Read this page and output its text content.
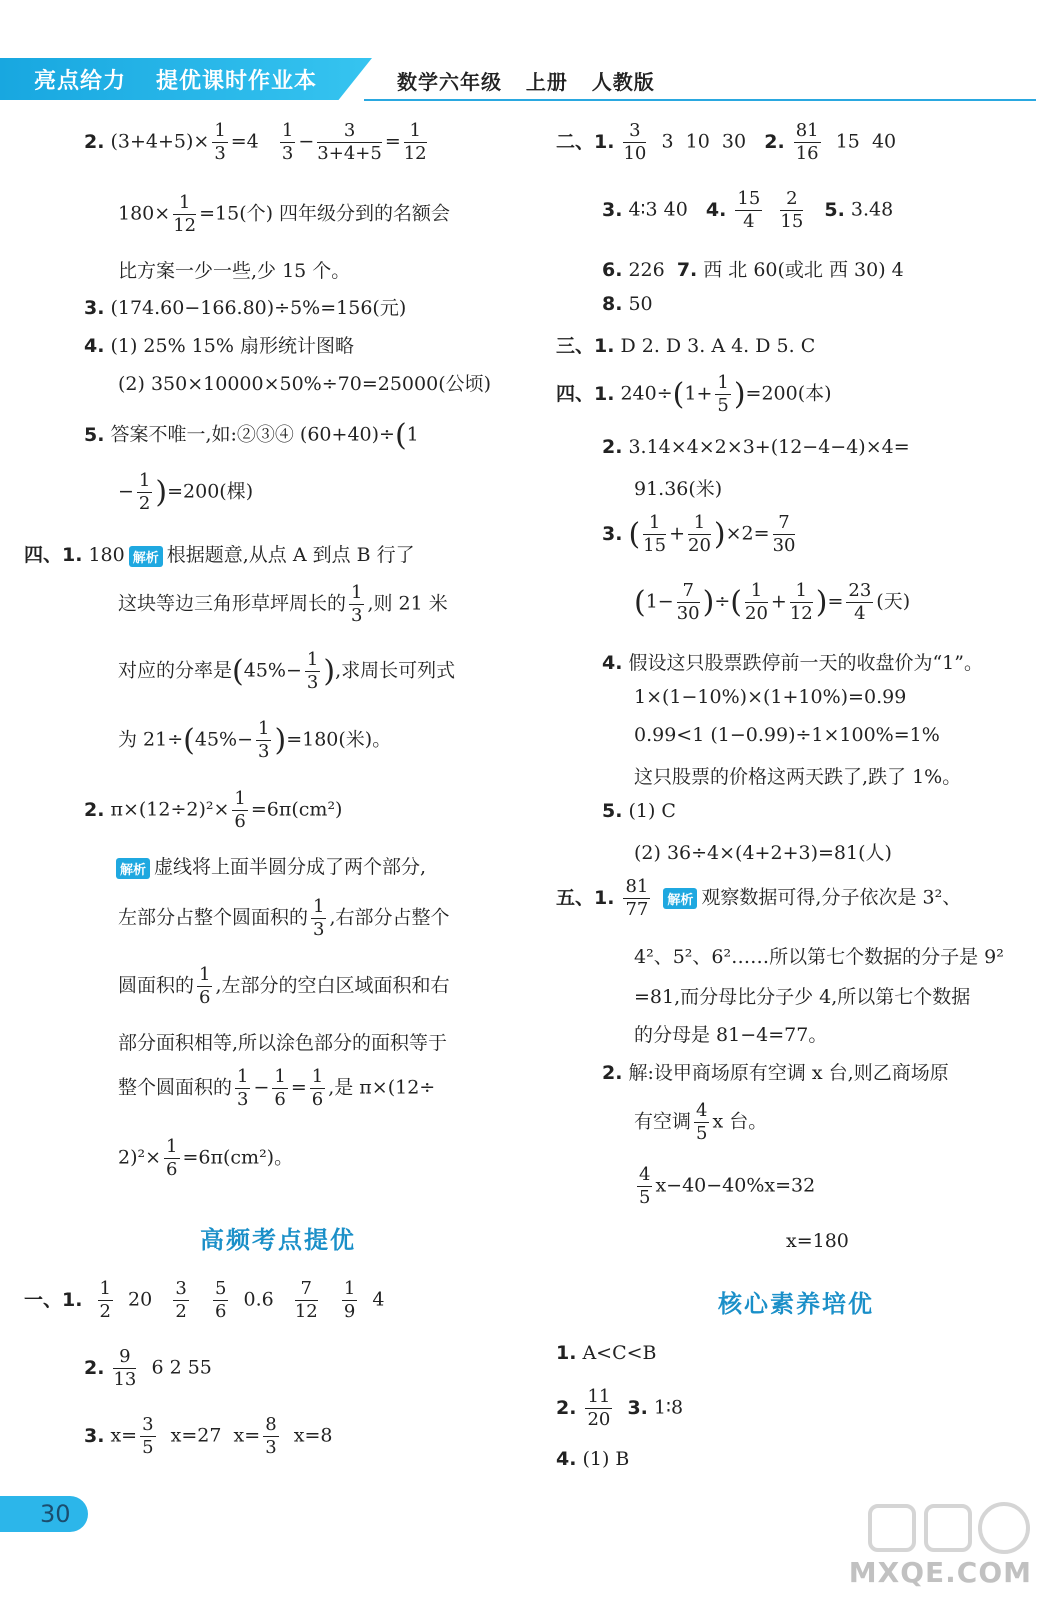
亮点给力 提优课时作业本	数学六年级 上册 人教版
2. $(3+4+5)\times \frac{1}{3} =4 \frac{1}{3} - \frac{3}{3+4+5} = \frac{1}{12}$
$180\times \frac{1}{12} =15$(个) 四年级分到的名额会
比方案一少一些,少 15 个。
3. (174.60−166.80)÷5%=156(元)
4. (1) 25% 15% 扇形统计图略
(2) 350×10000×50%÷70=25000(公顷)
5. 答案不唯一,如:②③④ (60+40)÷(1
− $\frac{1}{2} )=200$(棵)
四、1. 180 解析 根据题意,从点 A 到点 B 行了
这块等边三角形草坪周长的 $\frac{1}{3}$ ,则 21 米
对应的分率是($45\%- \frac{1}{3}$ ),求周长可列式
为 $21\div(45\%- \frac{1}{3} )=180$(米)。
2. $\pi\times(12\div 2)^2\times \frac{1}{6} =6\pi(cm^2)$
解析 虚线将上面半圆分成了两个部分,
左部分占整个圆面积的 $\frac{1}{3}$ ,右部分占整个
圆面积的 $\frac{1}{6}$ ,左部分的空白区域面积和右
部分面积相等,所以涂色部分的面积等于
整个圆面积的 $\frac{1}{3} - \frac{1}{6} = \frac{1}{6}$ ,是 π×(12÷
$2)^2\times \frac{1}{6} =6\pi(cm^2)$。
高频考点提优
一、1. $\frac{1}{2} 20 \frac{3}{2}$
$\frac{5}{6} 0.6 \frac{7}{12}$
$\frac{1}{9} 4$
2. $\frac{9}{13} 6$ 2 55
3. $x= \frac{3}{5} x=27$ $x= \frac{8}{3} x=8$
二、1. $\frac{3}{10} 3$ 10 30 2. $\frac{81}{16} 15$ 40
3. 4∶3 40 4. $\frac{15}{4}$
$\frac{2}{15} 5$. 3.48
6. 226 7. 西 北 60(或北 西 30) 4
8. 50
三、1. D 2. D 3. A 4. D 5. C
四、1. $240\div(1+ \frac{1}{5} )=200$(本)
2. 3.14×4×2×3+(12−4−4)×4=
91.36(米)
3. ( $\frac{1}{15} + \frac{1}{20} )\times 2= \frac{7}{30}$
($1- \frac{7}{30}$ )÷( $\frac{1}{20} + \frac{1}{12}$ )= $\frac{23}{4}$ (天)
4. 假设这只股票跌停前一天的收盘价为“1”。
1×(1−10%)×(1+10%)=0.99
0.99<1 (1−0.99)÷1×100%=1%
这只股票的价格这两天跌了,跌了 1%。
5. (1) C
(2) 36÷4×(4+2+3)=81(人)
五、1. $\frac{81}{77}$ 解析 观察数据可得,分子依次是 3²、
4²、5²、6²……所以第七个数据的分子是 9²
=81,而分母比分子少 4,所以第七个数据
的分母是 81−4=77。
2. 解:设甲商场原有空调 x 台,则乙商场原
有空调 $\frac{4}{5}$ x 台。
$\frac{4}{5} x-40-40\%x=32$
x=180
核心素养培优
1. A<C<B
2. $\frac{11}{20} 3$. 1∶8
4. (1) B
30
MXQE.COM
